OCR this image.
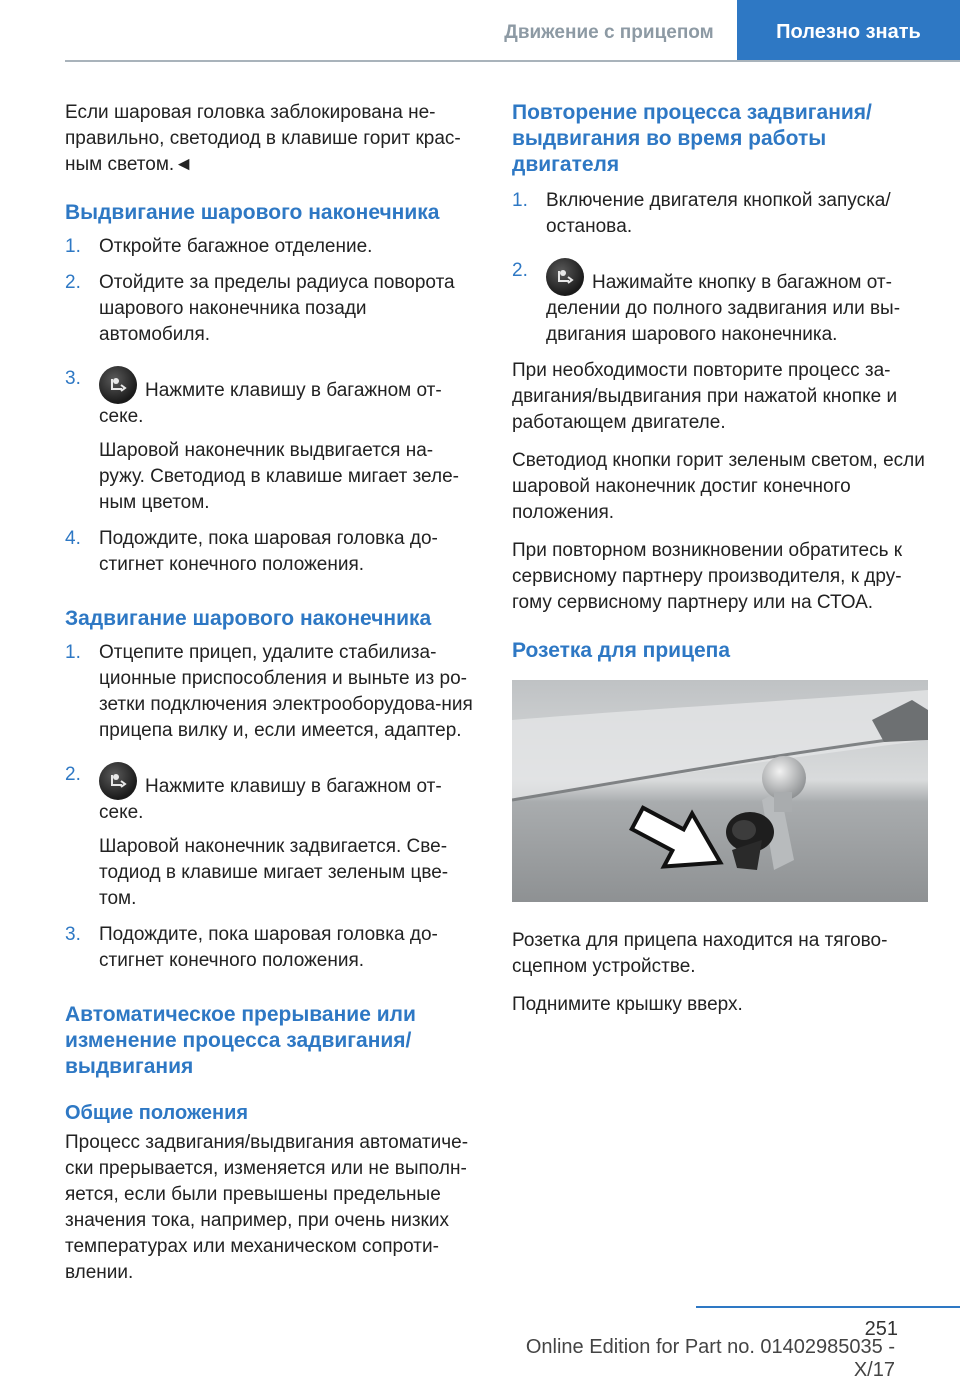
Движение с прицепом	Полезно знать

Если шаровая головка заблокирована не-правильно, светодиод в клавише горит крас-ным светом.◄

Выдвигание шарового наконечника
1. Откройте багажное отделение.
2. Отойдите за пределы радиуса поворота шарового наконечника позади автомобиля.
3.
Нажмите клавишу в багажном от-секе.

Шаровой наконечник выдвигается на-ружу. Светодиод в клавише мигает зеле-ным цветом.

4. Подождите, пока шаровая головка до-стигнет конечного положения.
Задвигание шарового наконечника
1. Отцепите прицеп, удалите стабилиза-ционные приспособления и выньте из ро-зетки подключения электрооборудова-ния прицепа вилку и, если имеется, адаптер.
2.
Нажмите клавишу в багажном от-секе.

Шаровой наконечник задвигается. Све-тодиод в клавише мигает зеленым цве-том.

3. Подождите, пока шаровая головка до-стигнет конечного положения.
Автоматическое прерывание или изменение процесса задвигания/выдвигания
Общие положения

Процесс задвигания/выдвигания автоматиче-ски прерывается, изменяется или не выполн-яется, если были превышены предельные значения тока, например, при очень низких температурах или механическом сопроти-влении.

Повторение процесса задвигания/выдвигания во время работы двигателя
1. Включение двигателя кнопкой запуска/остановa.
2.
Нажимайте кнопку в багажном от-делении до полного задвигания или вы-двигания шарового наконечника.

При необходимости повторите процесс за-двигания/выдвигания при нажатой кнопке и работающем двигателе.

Светодиод кнопки горит зеленым светом, если шаровой наконечник достиг конечного положения.

При повторном возникновении обратитесь к сервисному партнеру производителя, к дру-гому сервисному партнеру или на СТОА.

Розетка для прицепа

Розетка для прицепа находится на тягово-сцепном устройстве.

Поднимите крышку вверх.

251
Online Edition for Part no. 01402985035 - X/17
